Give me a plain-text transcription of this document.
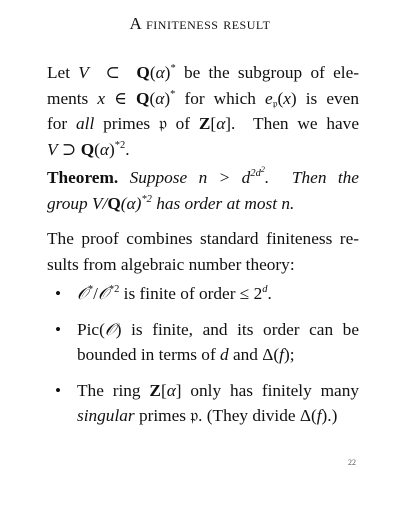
A finiteness result
Let V  ⊂  Q(α)* be the subgroup of ele-
ments x ∈ Q(α)* for which $e_𝔭(x)$ is even
for all primes 𝔭 of Z[α].  Then we have
V ⊃ $Q(\alpha)^{*2}$.
Theorem. Suppose $n > d^{2d^2}$.  Then the
group $V/Q(\alpha)^{*2}$ has order at most n.
The proof combines standard finiteness re-
sults from algebraic number theory:
• 𝒪*/𝒪$^{*2}$ is finite of order ≤ $2^d$.
• Pic(𝒪) is finite, and its order can be bounded in terms of d and Δ(f);
• The ring Z[α] only has finitely many singular primes 𝔭. (They divide Δ(f).)
22
